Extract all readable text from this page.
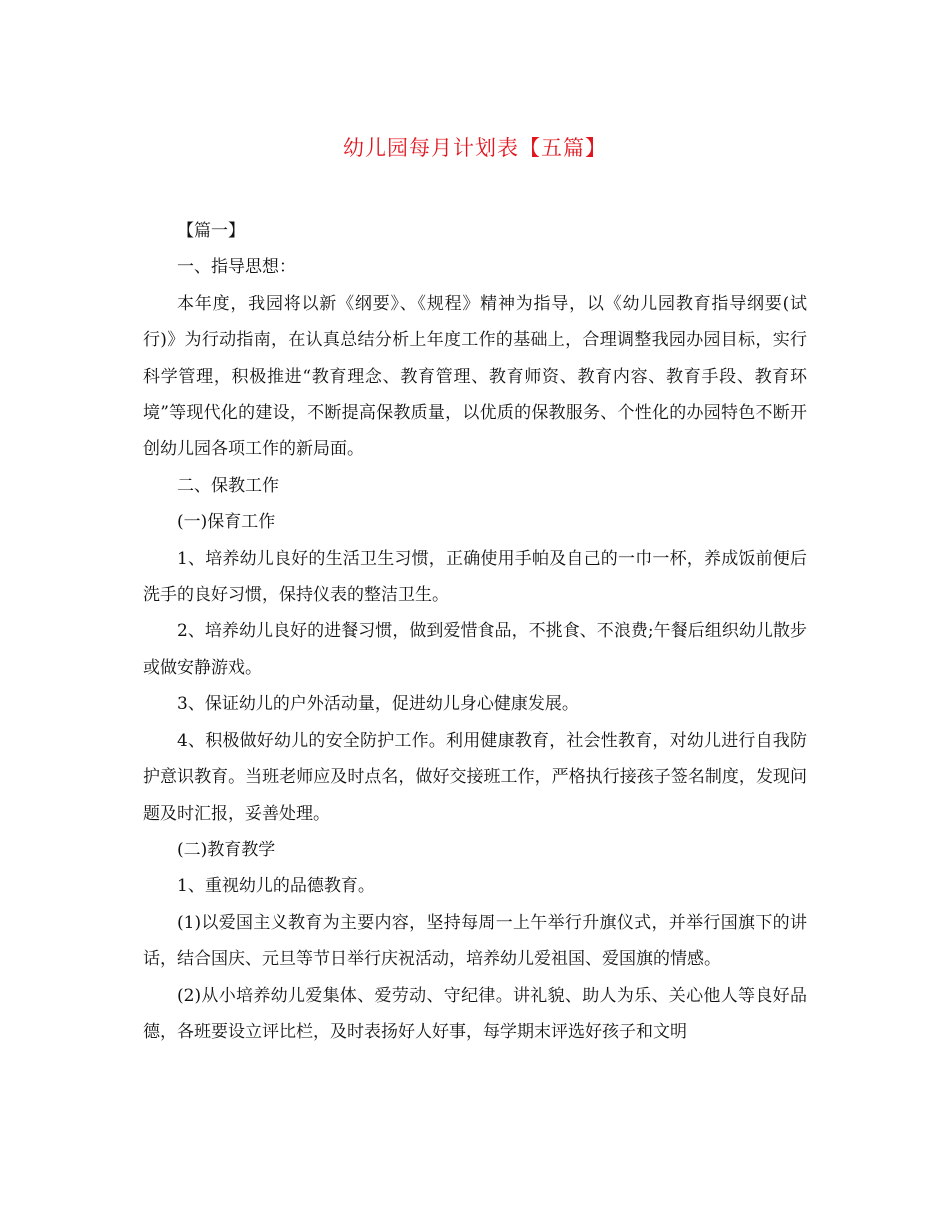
幼儿园每月计划表【五篇】

【篇一】

一、指导思想：

本年度，我园将以新《纲要》、《规程》精神为指导，以《幼儿园教育指导纲要(试行)》为行动指南，在认真总结分析上年度工作的基础上，合理调整我园办园目标，实行科学管理，积极推进“教育理念、教育管理、教育师资、教育内容、教育手段、教育环境”等现代化的建设，不断提高保教质量，以优质的保教服务、个性化的办园特色不断开创幼儿园各项工作的新局面。

二、保教工作

(一)保育工作

1、培养幼儿良好的生活卫生习惯，正确使用手帕及自己的一巾一杯，养成饭前便后洗手的良好习惯，保持仪表的整洁卫生。

2、培养幼儿良好的进餐习惯，做到爱惜食品，不挑食、不浪费;午餐后组织幼儿散步或做安静游戏。

3、保证幼儿的户外活动量，促进幼儿身心健康发展。

4、积极做好幼儿的安全防护工作。利用健康教育，社会性教育，对幼儿进行自我防护意识教育。当班老师应及时点名，做好交接班工作，严格执行接孩子签名制度，发现问题及时汇报，妥善处理。

(二)教育教学

1、重视幼儿的品德教育。

(1)以爱国主义教育为主要内容，坚持每周一上午举行升旗仪式，并举行国旗下的讲话，结合国庆、元旦等节日举行庆祝活动，培养幼儿爱祖国、爱国旗的情感。

(2)从小培养幼儿爱集体、爱劳动、守纪律。讲礼貌、助人为乐、关心他人等良好品德，各班要设立评比栏，及时表扬好人好事，每学期末评选好孩子和文明
